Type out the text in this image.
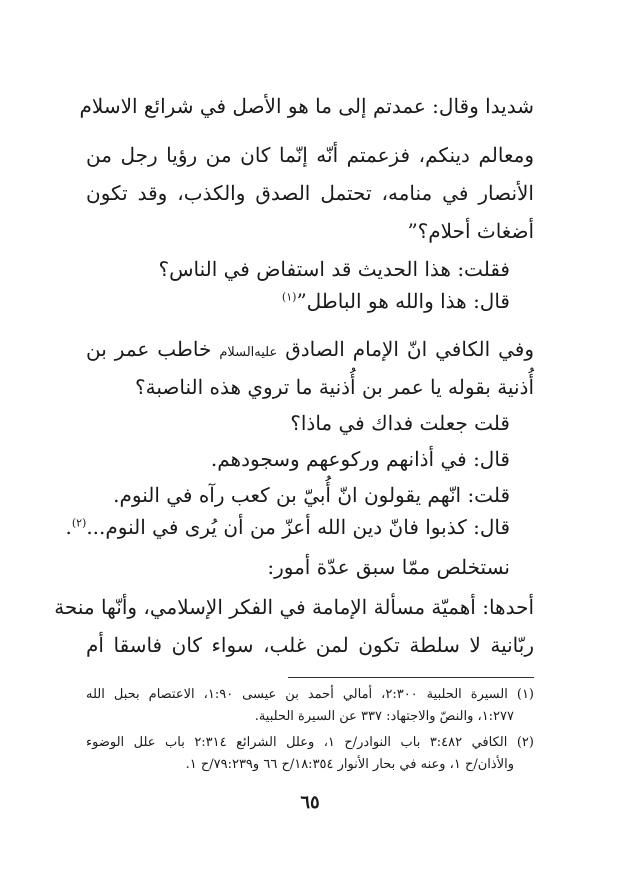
شديدا وقال: عمدتم إلى ما هو الأصل في شرائع الاسلام
ومعالم دينكم، فزعمتم أنّه إنّما كان من رؤيا رجل من
الأنصار في منامه، تحتمل الصدق والكذب، وقد تكون
أضغاث أحلام؟”
فقلت: هذا الحديث قد استفاض في الناس؟
قال: هذا والله هو الباطل”$^{(١)}$
وفي الكافي انّ الإمام الصادق عليه‌السلام خاطب عمر بن
أُذنية بقوله يا عمر بن أُذنية ما تروي هذه الناصبة؟
قلت جعلت فداك في ماذا؟
قال: في أذانهم وركوعهم وسجودهم.
قلت: انّهم يقولون انّ أُبيّ بن كعب رآه في النوم.
قال: كذبوا فانّ دين الله أعزّ من أن يُرى في النوم...$^{(٢)}$.
نستخلص ممّا سبق عدّة أمور:
أحدها: أهميّة مسألة الإمامة في الفكر الإسلامي، وأنّها منحة
ربّانية لا سلطة تكون لمن غلب، سواء كان فاسقا أم
(١) السيرة الحلبية ٢:٣٠٠، أمالي أحمد بن عيسى ١:٩٠، الاعتصام بحبل الله
١:٢٧٧، والنصّ والاجتهاد: ٣٣٧ عن السيرة الحلبية.
(٢) الكافي ٣:٤٨٢ باب النوادر/ح ١، وعلل الشرائع ٢:٣١٤ باب علل الوضوء
والأذان/ح ١، وعنه في بحار الأنوار ١٨:٣٥٤/ح ٦٦ و٧٩:٢٣٩/ح ١.
٦٥
